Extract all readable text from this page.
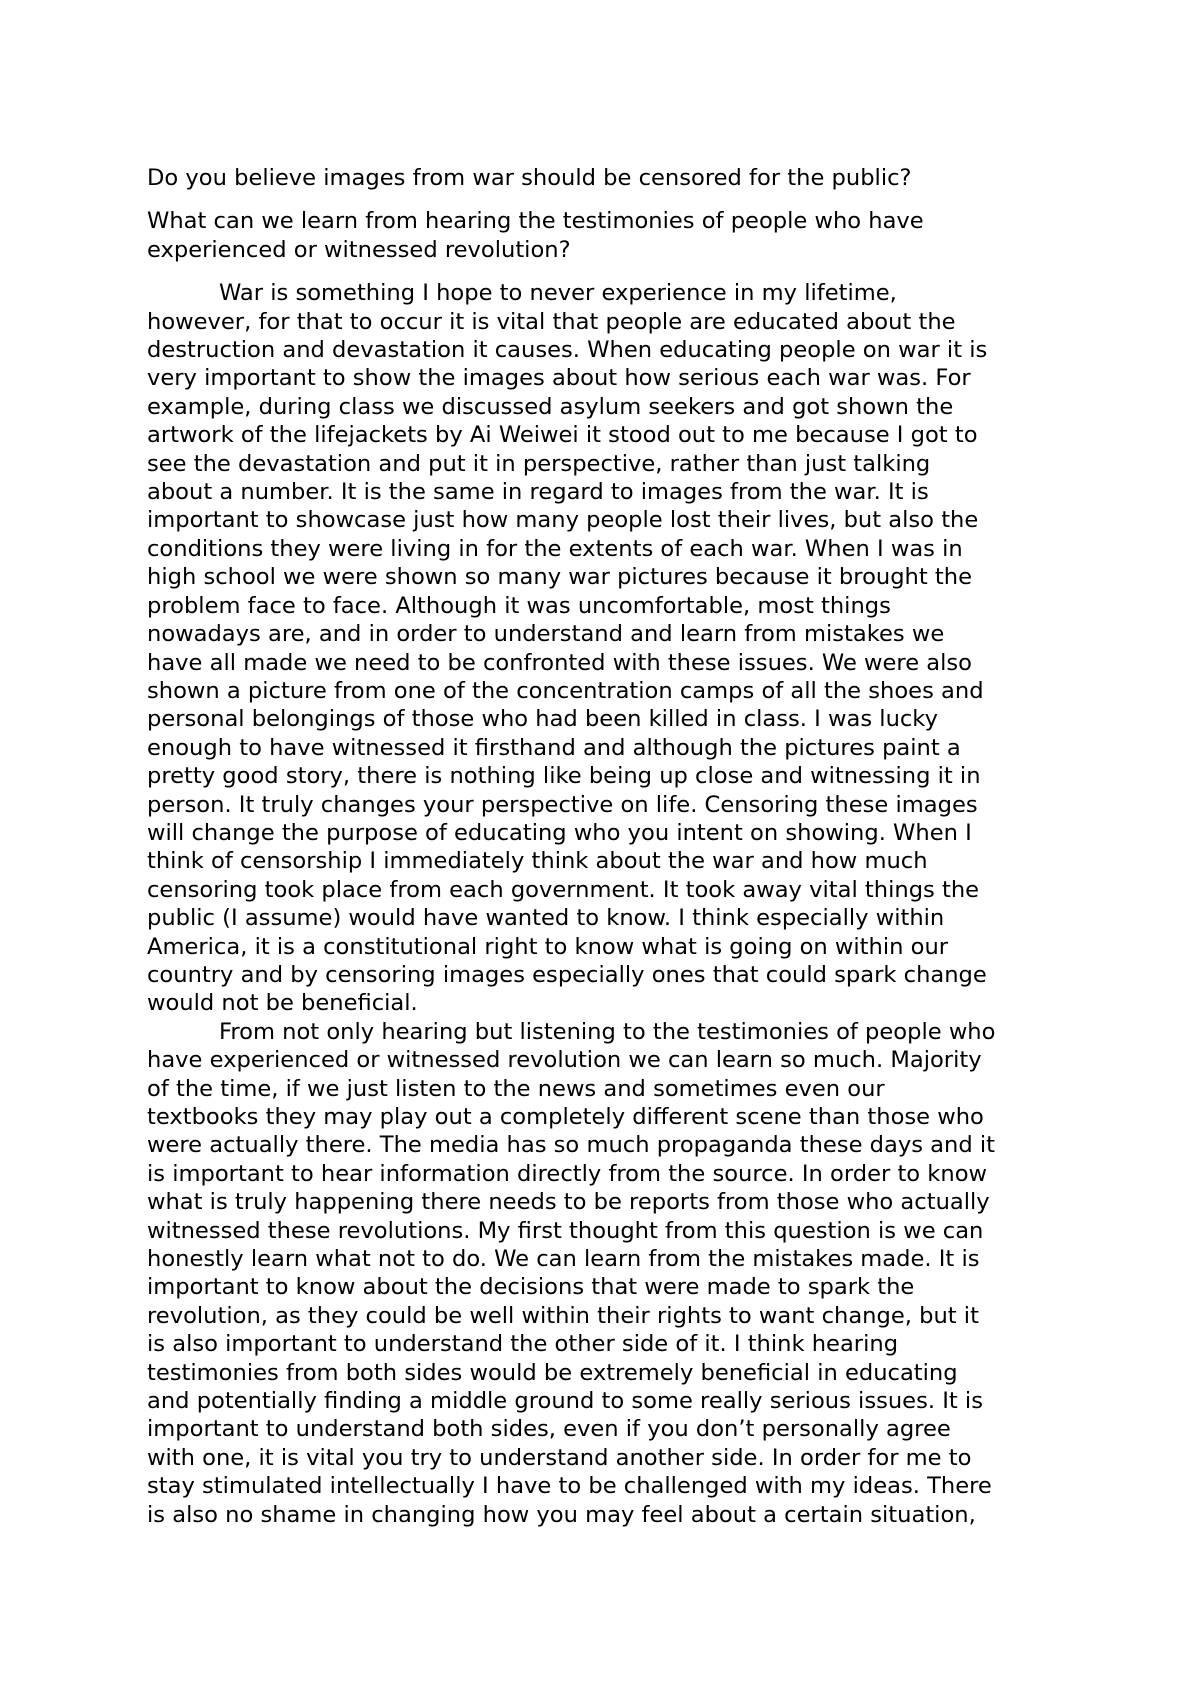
Do you believe images from war should be censored for the public?

What can we learn from hearing the testimonies of people who have
experienced or witnessed revolution?

War is something I hope to never experience in my lifetime,
however, for that to occur it is vital that people are educated about the
destruction and devastation it causes. When educating people on war it is
very important to show the images about how serious each war was. For
example, during class we discussed asylum seekers and got shown the
artwork of the lifejackets by Ai Weiwei it stood out to me because I got to
see the devastation and put it in perspective, rather than just talking
about a number. It is the same in regard to images from the war. It is
important to showcase just how many people lost their lives, but also the
conditions they were living in for the extents of each war. When I was in
high school we were shown so many war pictures because it brought the
problem face to face. Although it was uncomfortable, most things
nowadays are, and in order to understand and learn from mistakes we
have all made we need to be confronted with these issues. We were also
shown a picture from one of the concentration camps of all the shoes and
personal belongings of those who had been killed in class. I was lucky
enough to have witnessed it firsthand and although the pictures paint a
pretty good story, there is nothing like being up close and witnessing it in
person. It truly changes your perspective on life. Censoring these images
will change the purpose of educating who you intent on showing. When I
think of censorship I immediately think about the war and how much
censoring took place from each government. It took away vital things the
public (I assume) would have wanted to know. I think especially within
America, it is a constitutional right to know what is going on within our
country and by censoring images especially ones that could spark change
would not be beneficial.

From not only hearing but listening to the testimonies of people who
have experienced or witnessed revolution we can learn so much. Majority
of the time, if we just listen to the news and sometimes even our
textbooks they may play out a completely different scene than those who
were actually there. The media has so much propaganda these days and it
is important to hear information directly from the source. In order to know
what is truly happening there needs to be reports from those who actually
witnessed these revolutions. My first thought from this question is we can
honestly learn what not to do. We can learn from the mistakes made. It is
important to know about the decisions that were made to spark the
revolution, as they could be well within their rights to want change, but it
is also important to understand the other side of it. I think hearing
testimonies from both sides would be extremely beneficial in educating
and potentially finding a middle ground to some really serious issues. It is
important to understand both sides, even if you don’t personally agree
with one, it is vital you try to understand another side. In order for me to
stay stimulated intellectually I have to be challenged with my ideas. There
is also no shame in changing how you may feel about a certain situation,
